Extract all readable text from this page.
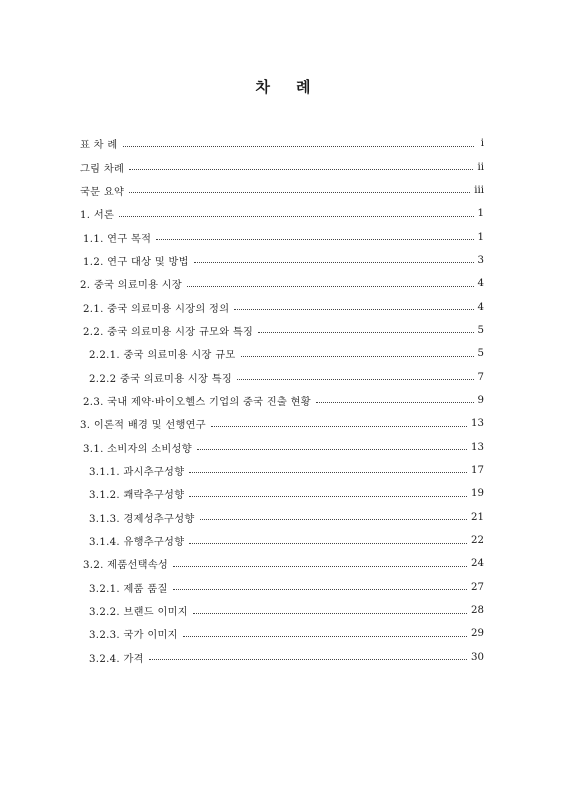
차     례
표 차 례	i
그림 차례	ii
국문 요약	iii
1. 서론	1
1.1. 연구 목적	1
1.2. 연구 대상 및 방법	3
2. 중국 의료미용 시장	4
2.1. 중국 의료미용 시장의 정의	4
2.2. 중국 의료미용 시장 규모와 특징	5
2.2.1. 중국 의료미용 시장 규모	5
2.2.2 중국 의료미용 시장 특징	7
2.3. 국내 제약·바이오헬스 기업의 중국 진출 현황	9
3. 이론적 배경 및 선행연구	13
3.1. 소비자의 소비성향	13
3.1.1. 과시추구성향	17
3.1.2. 쾌락추구성향	19
3.1.3. 경제성추구성향	21
3.1.4. 유행추구성향	22
3.2. 제품선택속성	24
3.2.1. 제품 품질	27
3.2.2. 브랜드 이미지	28
3.2.3. 국가 이미지	29
3.2.4. 가격	30
